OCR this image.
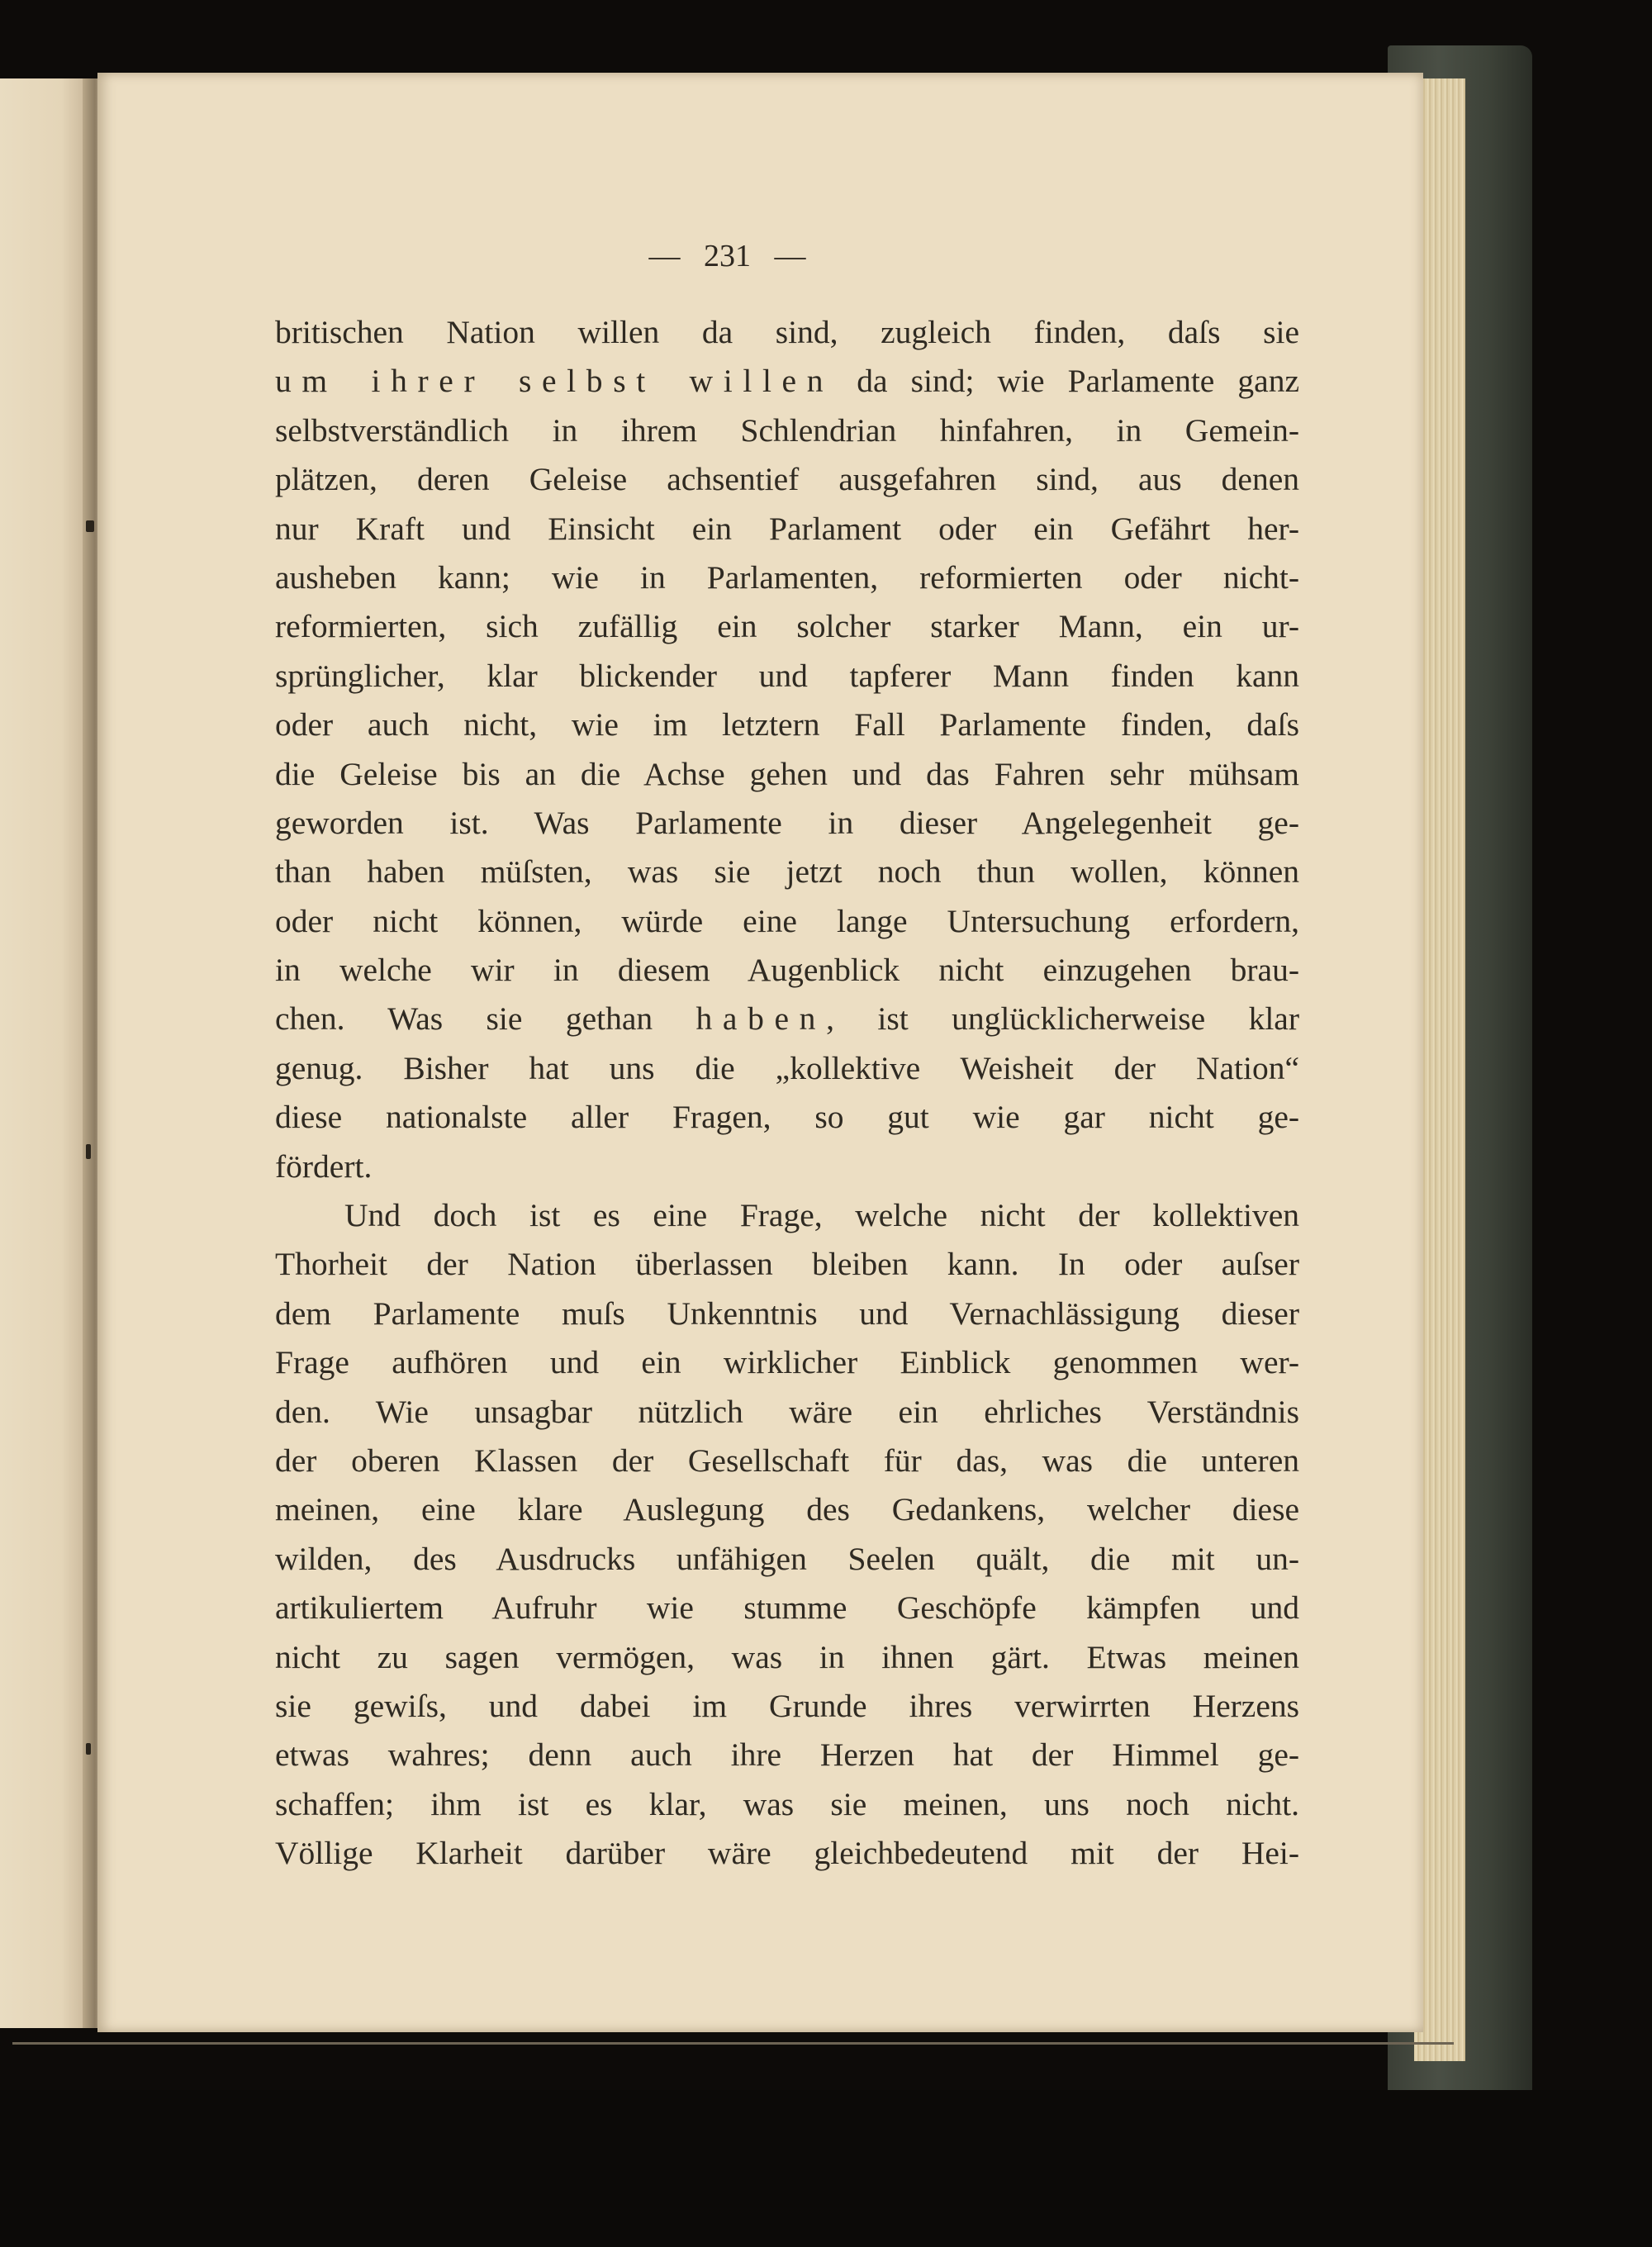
—   231   —
britischen Nation willen da sind, zugleich finden, daſs sie
um ihrer selbst willen da sind; wie Parlamente ganz
selbstverständlich in ihrem Schlendrian hinfahren, in Gemein-
plätzen, deren Geleise achsentief ausgefahren sind, aus denen
nur Kraft und Einsicht ein Parlament oder ein Gefährt her-
ausheben kann; wie in Parlamenten, reformierten oder nicht-
reformierten, sich zufällig ein solcher starker Mann, ein ur-
sprünglicher, klar blickender und tapferer Mann finden kann
oder auch nicht, wie im letztern Fall Parlamente finden, daſs
die Geleise bis an die Achse gehen und das Fahren sehr mühsam
geworden ist. Was Parlamente in dieser Angelegenheit ge-
than haben müſsten, was sie jetzt noch thun wollen, können
oder nicht können, würde eine lange Untersuchung erfordern,
in welche wir in diesem Augenblick nicht einzugehen brau-
chen. Was sie gethan haben, ist unglücklicherweise klar
genug. Bisher hat uns die „kollektive Weisheit der Nation“
diese nationalste aller Fragen, so gut wie gar nicht ge-
fördert.
Und doch ist es eine Frage, welche nicht der kollektiven
Thorheit der Nation überlassen bleiben kann. In oder auſser
dem Parlamente muſs Unkenntnis und Vernachlässigung dieser
Frage aufhören und ein wirklicher Einblick genommen wer-
den. Wie unsagbar nützlich wäre ein ehrliches Verständnis
der oberen Klassen der Gesellschaft für das, was die unteren
meinen, eine klare Auslegung des Gedankens, welcher diese
wilden, des Ausdrucks unfähigen Seelen quält, die mit un-
artikuliertem Aufruhr wie stumme Geschöpfe kämpfen und
nicht zu sagen vermögen, was in ihnen gärt. Etwas meinen
sie gewiſs, und dabei im Grunde ihres verwirrten Herzens
etwas wahres; denn auch ihre Herzen hat der Himmel ge-
schaffen; ihm ist es klar, was sie meinen, uns noch nicht.
Völlige Klarheit darüber wäre gleichbedeutend mit der Hei-
